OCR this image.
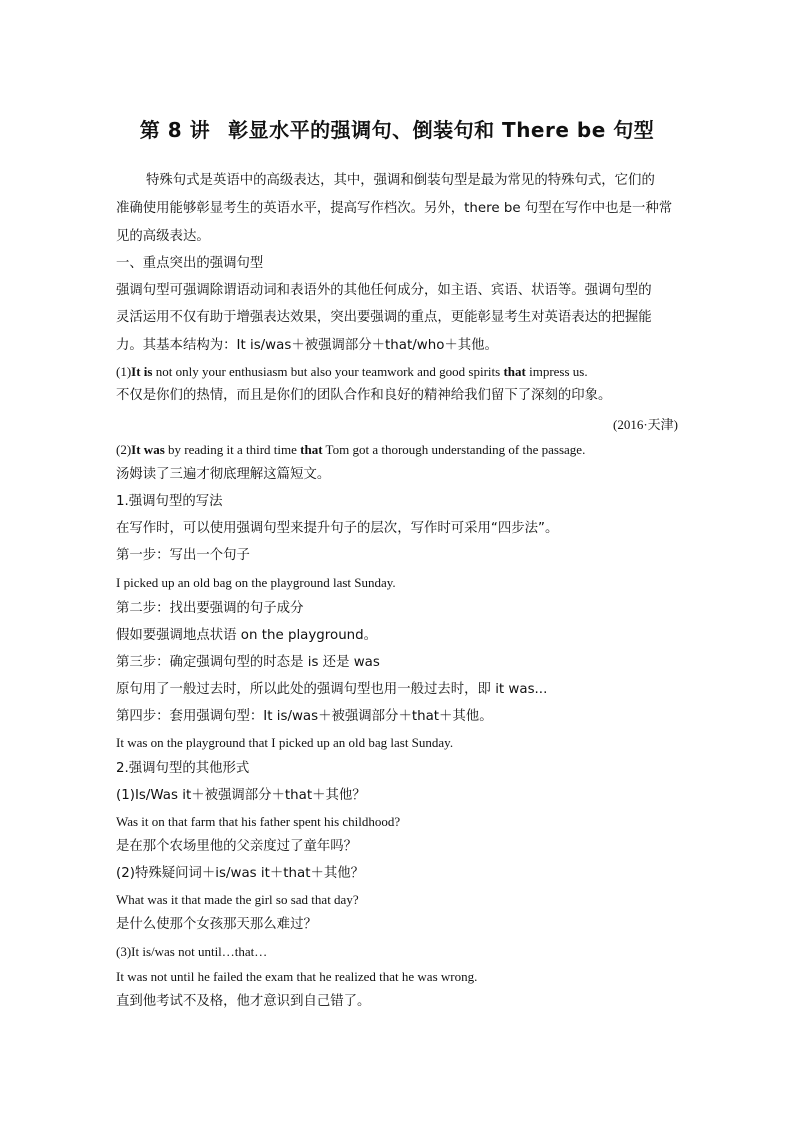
第 8 讲 彰显水平的强调句、倒装句和 There be 句型
特殊句式是英语中的高级表达，其中，强调和倒装句型是最为常见的特殊句式，它们的
准确使用能够彰显考生的英语水平，提高写作档次。另外，there be 句型在写作中也是一种常
见的高级表达。
一、重点突出的强调句型
强调句型可强调除谓语动词和表语外的其他任何成分，如主语、宾语、状语等。强调句型的
灵活运用不仅有助于增强表达效果，突出要强调的重点，更能彰显考生对英语表达的把握能
力。其基本结构为：It is/was＋被强调部分＋that/who＋其他。
(1)It is not only your enthusiasm but also your teamwork and good spirits that impress us.
不仅是你们的热情，而且是你们的团队合作和良好的精神给我们留下了深刻的印象。
(2016·天津)
(2)It was by reading it a third time that Tom got a thorough understanding of the passage.
汤姆读了三遍才彻底理解这篇短文。
1.强调句型的写法
在写作时，可以使用强调句型来提升句子的层次，写作时可采用“四步法”。
第一步：写出一个句子
I picked up an old bag on the playground last Sunday.
第二步：找出要强调的句子成分
假如要强调地点状语 on the playground。
第三步：确定强调句型的时态是 is 还是 was
原句用了一般过去时，所以此处的强调句型也用一般过去时，即 it was...
第四步：套用强调句型：It is/was＋被强调部分＋that＋其他。
It was on the playground that I picked up an old bag last Sunday.
2.强调句型的其他形式
(1)Is/Was it＋被强调部分＋that＋其他？
Was it on that farm that his father spent his childhood?
是在那个农场里他的父亲度过了童年吗？
(2)特殊疑问词＋is/was it＋that＋其他？
What was it that made the girl so sad that day?
是什么使那个女孩那天那么难过？
(3)It is/was not until…that…
It was not until he failed the exam that he realized that he was wrong.
直到他考试不及格，他才意识到自己错了。
